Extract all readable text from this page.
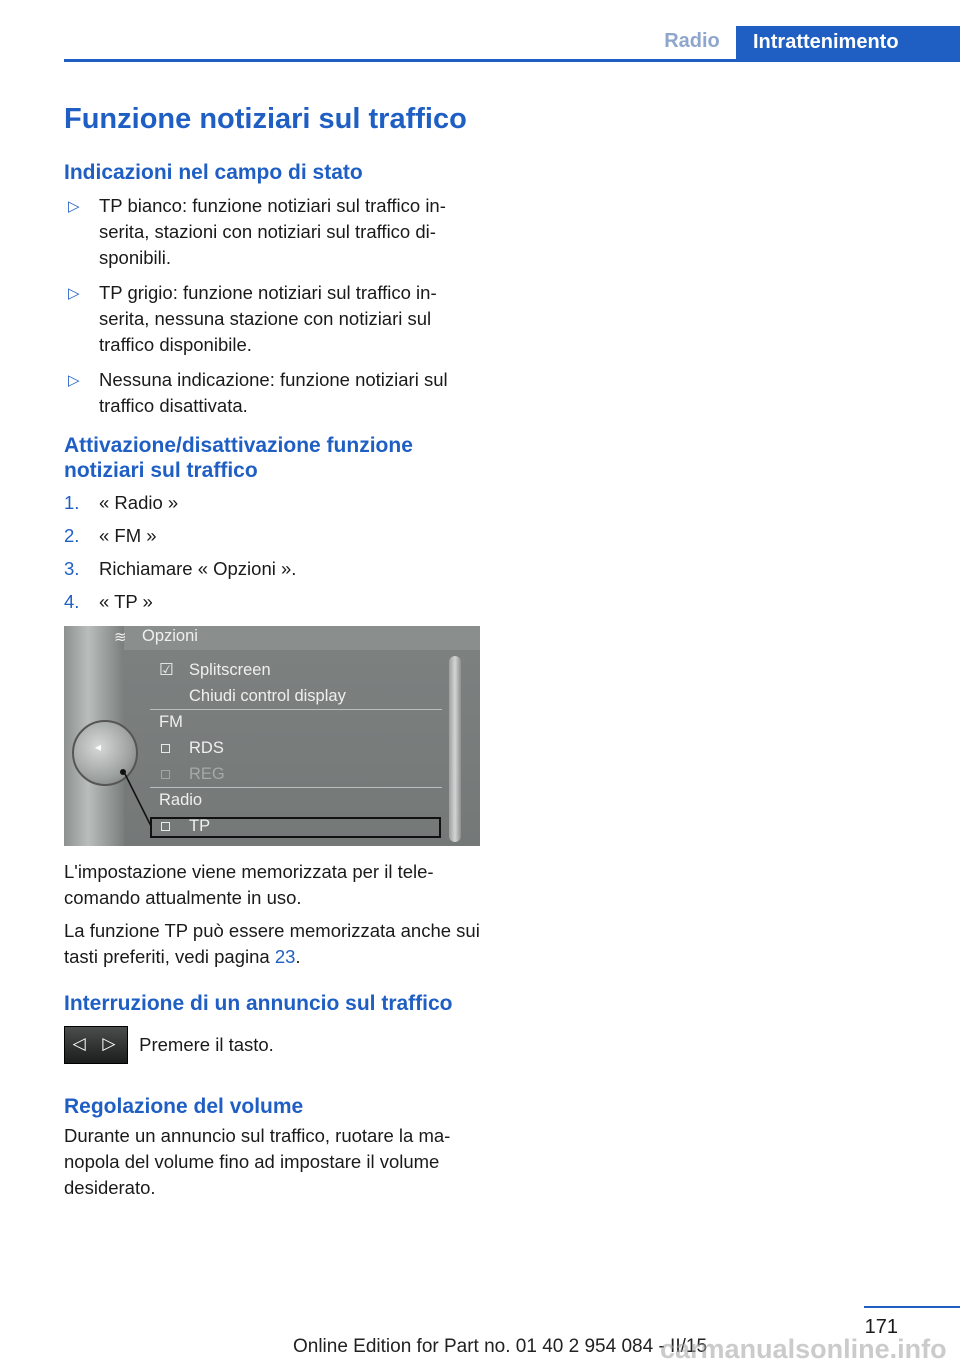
Radio	Intrattenimento
Funzione notiziari sul traffico
Indicazioni nel campo di stato
▷ TP bianco: funzione notiziari sul traffico in-serita, stazioni con notiziari sul traffico di-sponibili.
▷ TP grigio: funzione notiziari sul traffico in-serita, nessuna stazione con notiziari sul traffico disponibile.
▷ Nessuna indicazione: funzione notiziari sul traffico disattivata.
Attivazione/disattivazione funzione
notiziari sul traffico
1. « Radio »
2. « FM »
3. Richiamare « Opzioni ».
4. « TP »
◂
≋ Opzioni
☑ Splitscreen
Chiudi control display
FM
RDS
REG
Radio
TP

L'impostazione viene memorizzata per il tele-comando attualmente in uso.

La funzione TP può essere memorizzata anche sui tasti preferiti, vedi pagina 23.

Interruzione di un annuncio sul traffico
◁ ▷ Premere il tasto.
Regolazione del volume

Durante un annuncio sul traffico, ruotare la ma-nopola del volume fino ad impostare il volume desiderato.

171
Online Edition for Part no. 01 40 2 954 084 - II/15
carmanualsonline.info
